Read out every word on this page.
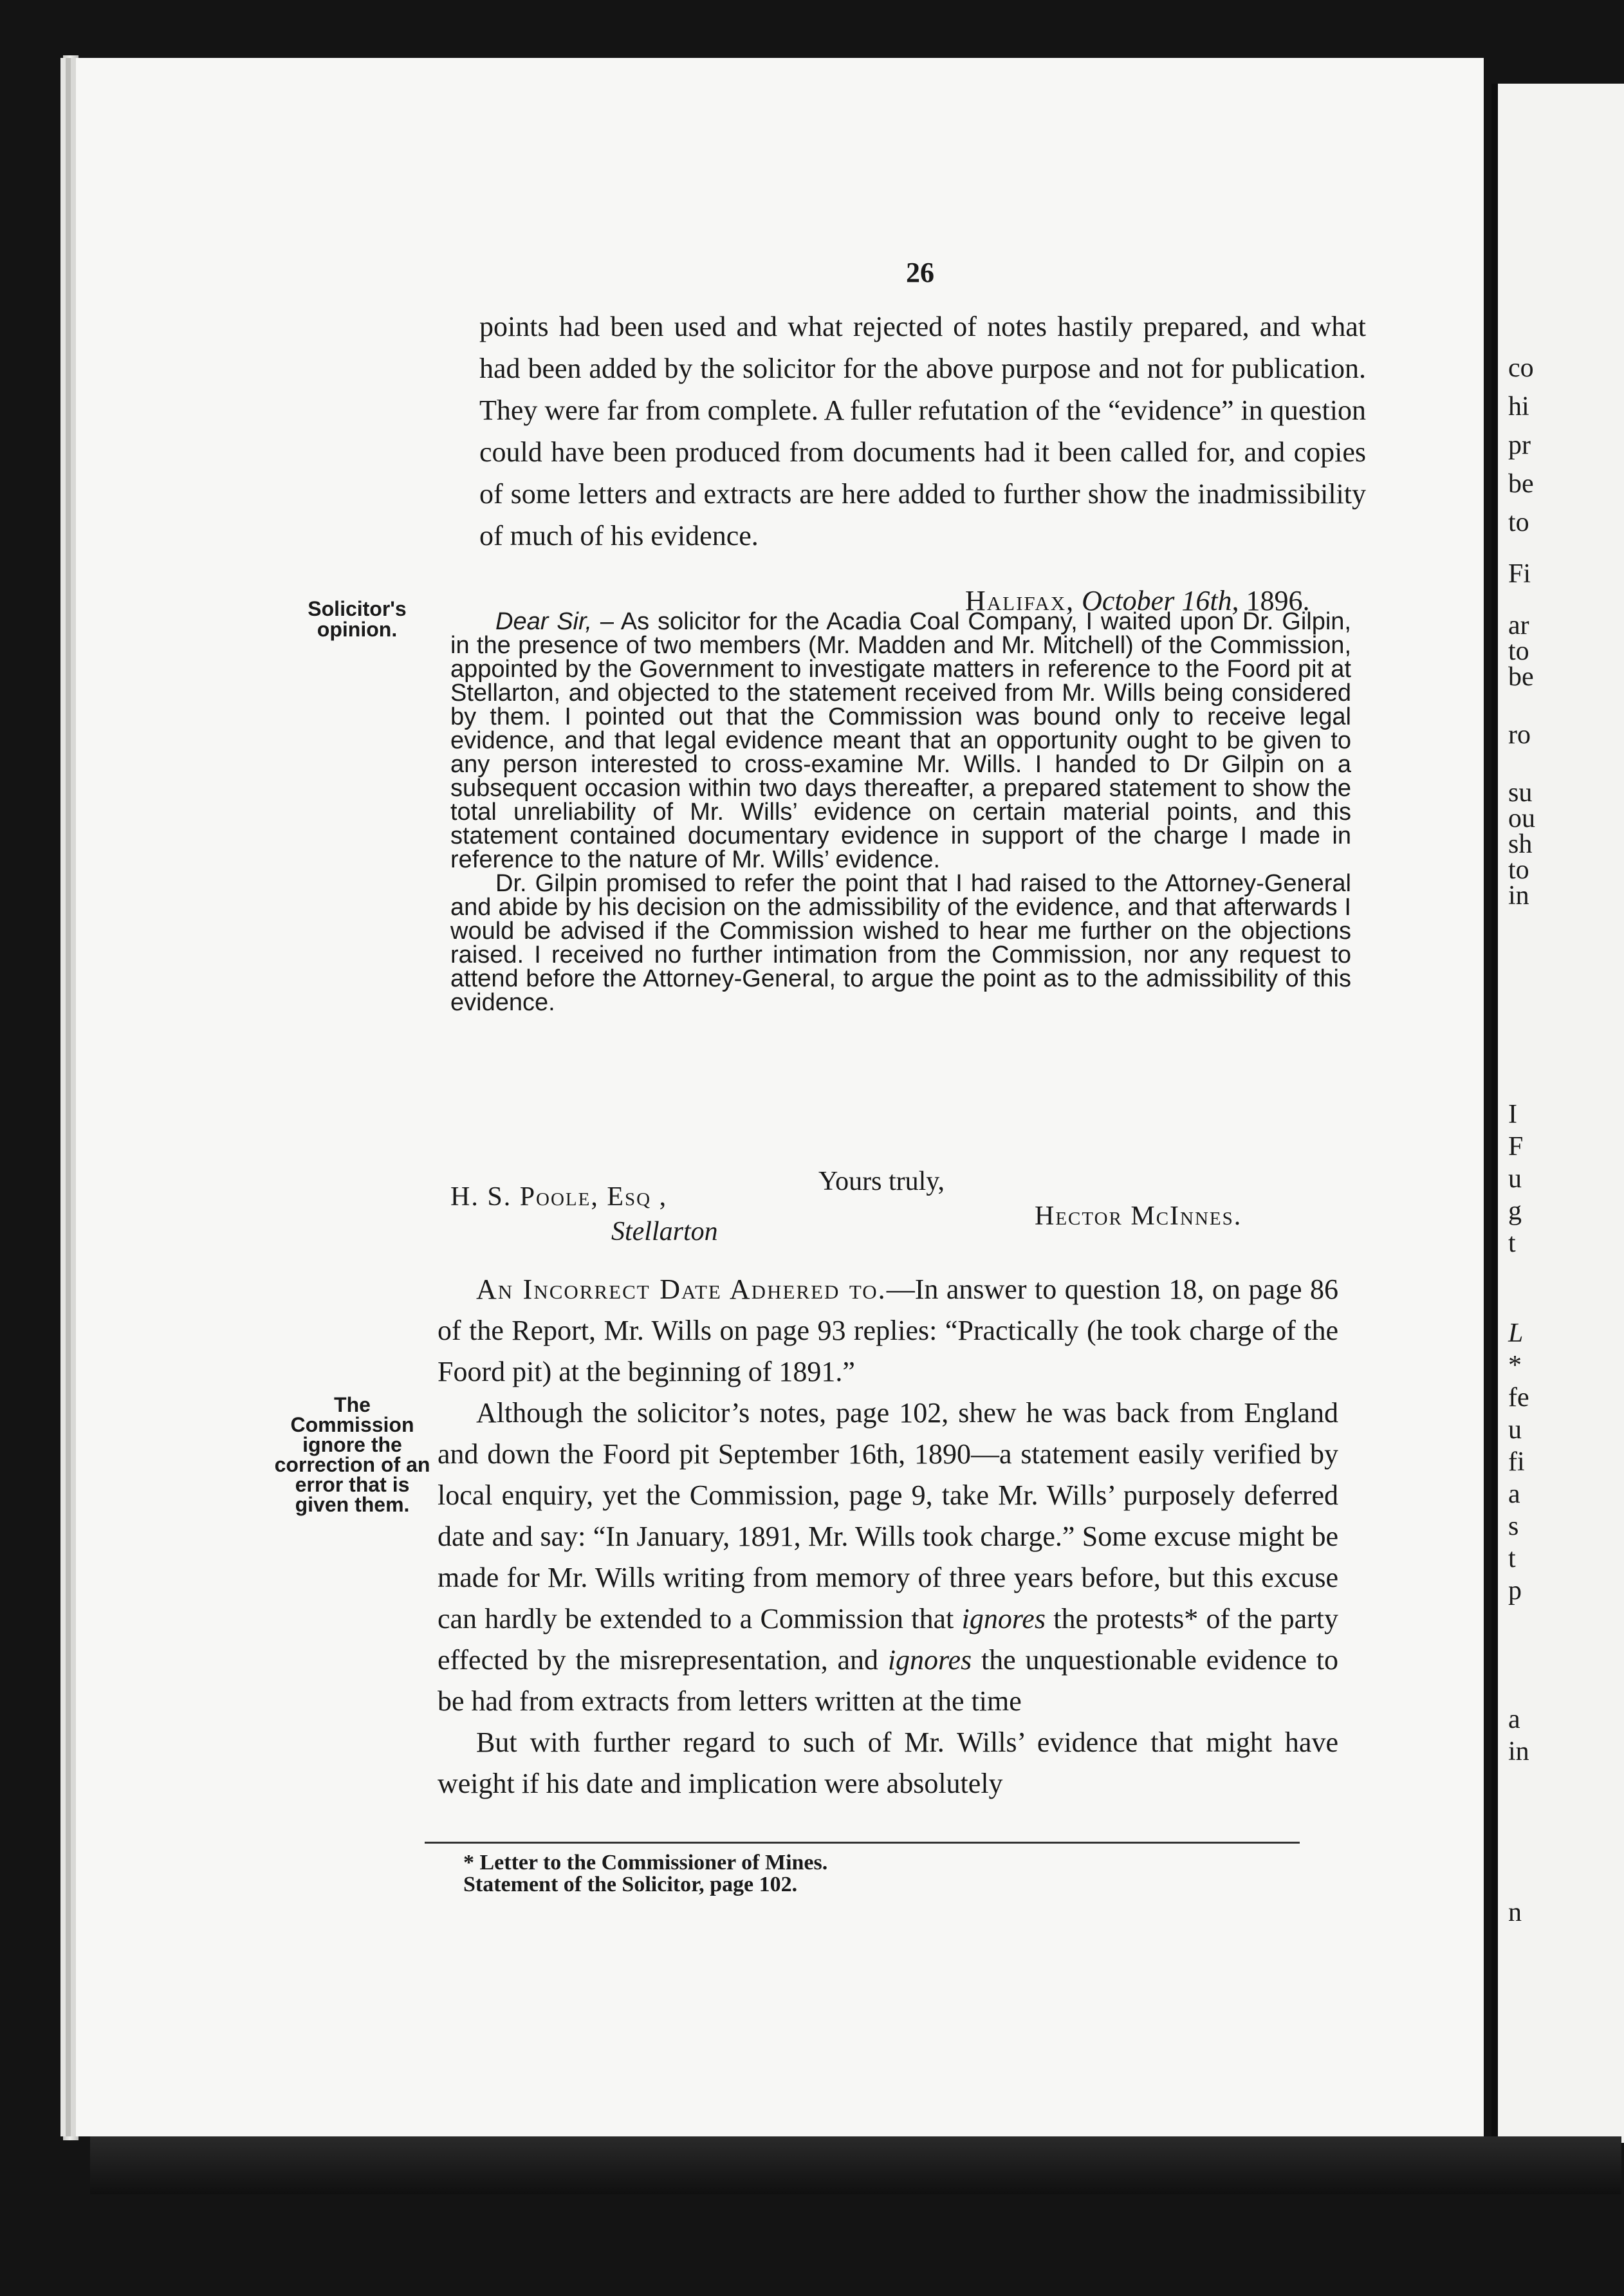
co
hi
pr
be
to
Fi
ar
to
be
ro
su
ou
sh
to
in
I
F
u
g
t
L
*
fe
u
fi
a
s
t
p
a
in
n
26

points had been used and what rejected of notes hastily prepared, and what had been added by the solicitor for the above purpose and not for publication. They were far from complete. A fuller refutation of the “evidence” in question could have been produced from documents had it been called for, and copies of some letters and extracts are here added to further show the inadmissibility of much of his evidence.

Solicitor's opinion.
Halifax, October 16th, 1896.

Dear Sir, – As solicitor for the Acadia Coal Company, I waited upon Dr. Gilpin, in the presence of two members (Mr. Madden and Mr. Mitchell) of the Commission, appointed by the Government to investigate matters in reference to the Foord pit at Stellarton, and objected to the statement received from Mr. Wills being considered by them. I pointed out that the Commission was bound only to receive legal evidence, and that legal evidence meant that an opportunity ought to be given to any person interested to cross-examine Mr. Wills. I handed to Dr Gilpin on a subsequent occasion within two days thereafter, a prepared statement to show the total unreliability of Mr. Wills’ evidence on certain material points, and this statement contained documentary evidence in support of the charge I made in reference to the nature of Mr. Wills’ evidence.

Dr. Gilpin promised to refer the point that I had raised to the Attorney-General and abide by his decision on the admissibility of the evidence, and that afterwards I would be advised if the Commission wished to hear me further on the objections raised. I received no further intimation from the Commission, nor any request to attend before the Attorney-General, to argue the point as to the admissibility of this evidence.

Yours truly,
H. S. Poole, Esq ,
Stellarton
Hector McInnes.
The Commission ignore the correction of an error that is given them.

An Incorrect Date Adhered to.—In answer to question 18, on page 86 of the Report, Mr. Wills on page 93 replies: “Practically (he took charge of the Foord pit) at the beginning of 1891.”

Although the solicitor’s notes, page 102, shew he was back from England and down the Foord pit September 16th, 1890—a statement easily verified by local enquiry, yet the Commission, page 9, take Mr. Wills’ purposely deferred date and say: “In January, 1891, Mr. Wills took charge.” Some excuse might be made for Mr. Wills writing from memory of three years before, but this excuse can hardly be extended to a Commission that ignores the protests* of the party effected by the misrepresentation, and ignores the unquestionable evidence to be had from extracts from letters written at the time

But with further regard to such of Mr. Wills’ evidence that might have weight if his date and implication were absolutely

* Letter to the Commissioner of Mines.

Statement of the Solicitor, page 102.
